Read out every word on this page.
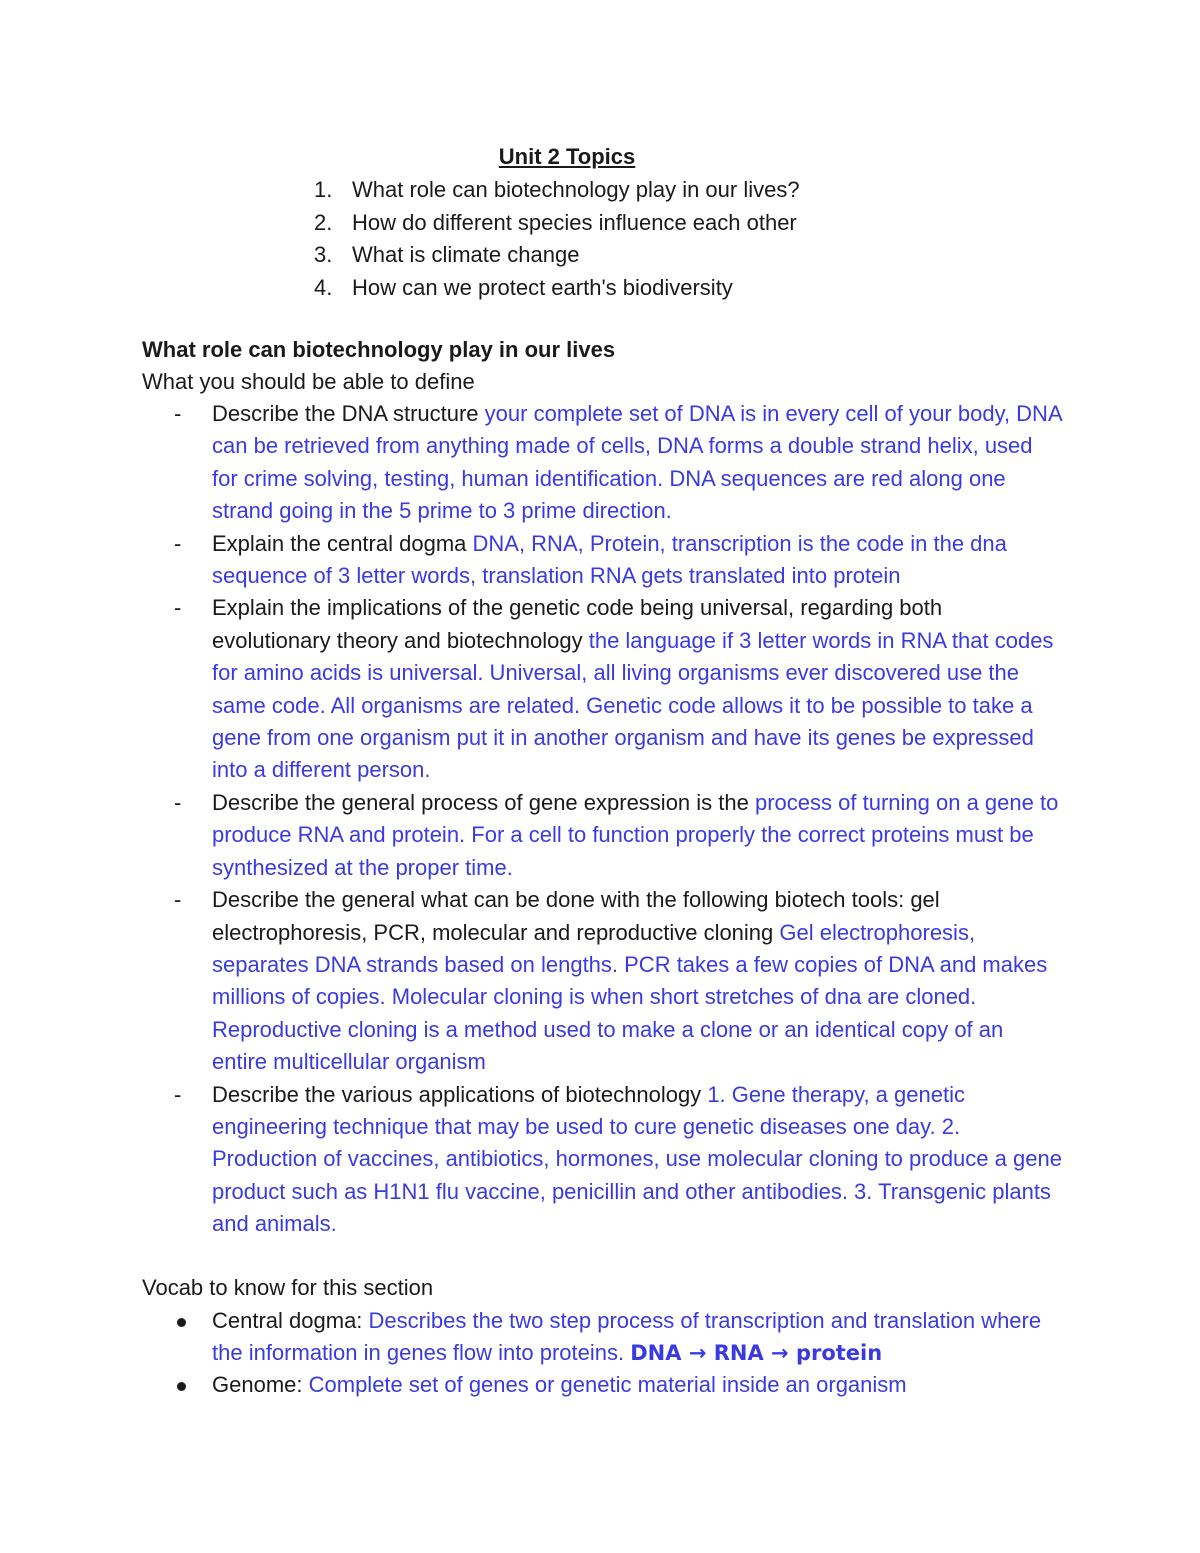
Unit 2 Topics
1. What role can biotechnology play in our lives?
2. How do different species influence each other
3. What is climate change
4. How can we protect earth's biodiversity
What role can biotechnology play in our lives
What you should be able to define
- Describe the DNA structure your complete set of DNA is in every cell of your body, DNA can be retrieved from anything made of cells, DNA forms a double strand helix, used for crime solving, testing, human identification. DNA sequences are red along one strand going in the 5 prime to 3 prime direction.
- Explain the central dogma DNA, RNA, Protein, transcription is the code in the dna sequence of 3 letter words, translation RNA gets translated into protein
- Explain the implications of the genetic code being universal, regarding both evolutionary theory and biotechnology the language if 3 letter words in RNA that codes for amino acids is universal. Universal, all living organisms ever discovered use the same code. All organisms are related. Genetic code allows it to be possible to take a gene from one organism put it in another organism and have its genes be expressed into a different person.
- Describe the general process of gene expression is the process of turning on a gene to produce RNA and protein. For a cell to function properly the correct proteins must be synthesized at the proper time.
- Describe the general what can be done with the following biotech tools: gel electrophoresis, PCR, molecular and reproductive cloning Gel electrophoresis, separates DNA strands based on lengths. PCR takes a few copies of DNA and makes millions of copies. Molecular cloning is when short stretches of dna are cloned. Reproductive cloning is a method used to make a clone or an identical copy of an entire multicellular organism
- Describe the various applications of biotechnology 1. Gene therapy, a genetic engineering technique that may be used to cure genetic diseases one day. 2. Production of vaccines, antibiotics, hormones, use molecular cloning to produce a gene product such as H1N1 flu vaccine, penicillin and other antibodies. 3. Transgenic plants and animals.
Vocab to know for this section
Central dogma: Describes the two step process of transcription and translation where the information in genes flow into proteins. DNA → RNA → protein
Genome: Complete set of genes or genetic material inside an organism
